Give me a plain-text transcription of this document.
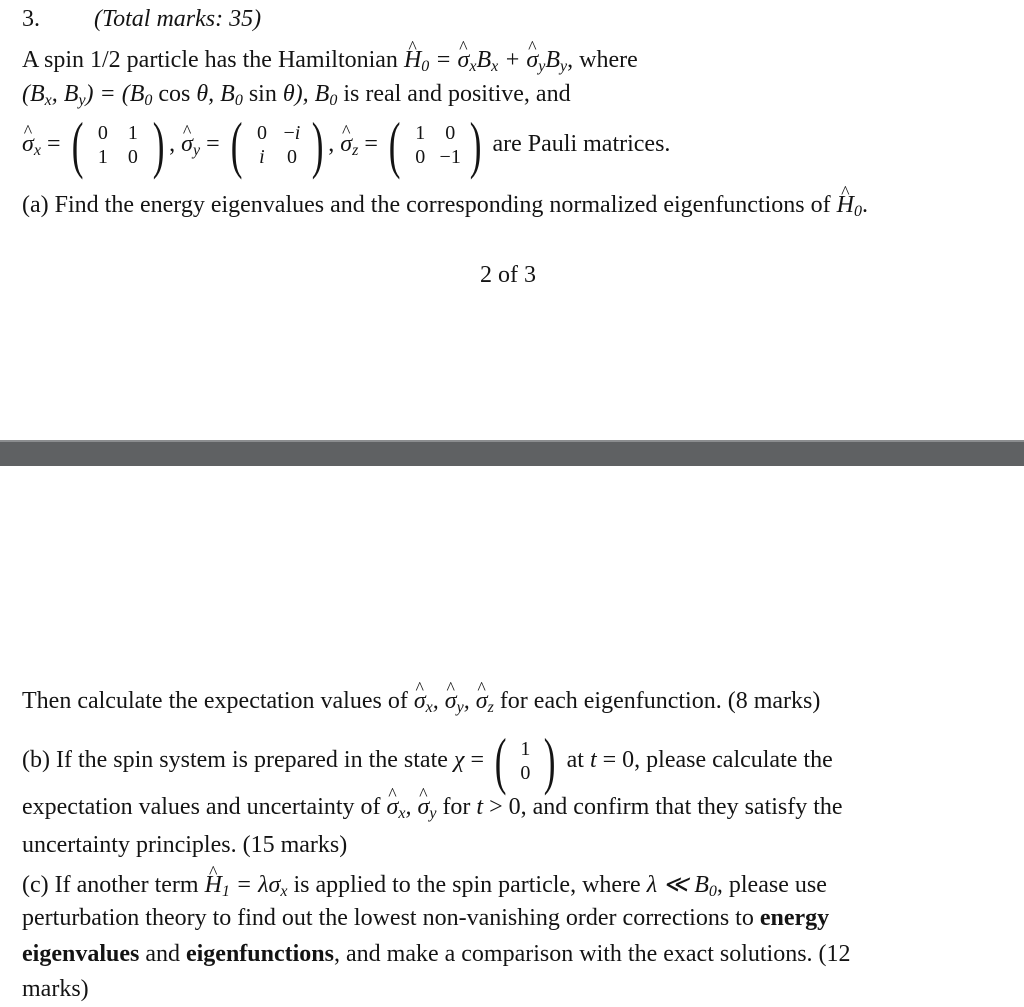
3. (Total marks: 35)
A spin 1/2 particle has the Hamiltonian ^ $H_0$ = ^ $\sigma_xB_x$ + ^ $\sigma_yB_y$, where
($B_x$, $B_y) = (B_0$ cos θ, $B_0$ sin θ), $B_0$ is real and positive, and
^ $\sigma_x$ = ( 0	1
1	0 ) , ^ $\sigma_y$ = ( 0 −i
i	0 ) , ^ $\sigma_z$ = ( 1	0
0 −1 ) are Pauli matrices.
(a) Find the energy eigenvalues and the corresponding normalized eigenfunctions of ^ $H_0$.
2 of 3
Then calculate the expectation values of ^ $\sigma_x$, ^ $\sigma_y$, ^ $\sigma_z$ for each eigenfunction. (8 marks)
(b) If the spin system is prepared in the state χ = ( 1
0 ) at t = 0, please calculate the
expectation values and uncertainty of ^ $\sigma_x$, ^ $\sigma_y$ for t > 0, and confirm that they satisfy the
uncertainty principles. (15 marks)
(c) If another term ^ $H_1 = \lambda\sigma_x$ is applied to the spin particle, where λ ≪ $B_0$, please use
perturbation theory to find out the lowest non-vanishing order corrections to energy
eigenvalues and eigenfunctions, and make a comparison with the exact solutions. (12
marks)
